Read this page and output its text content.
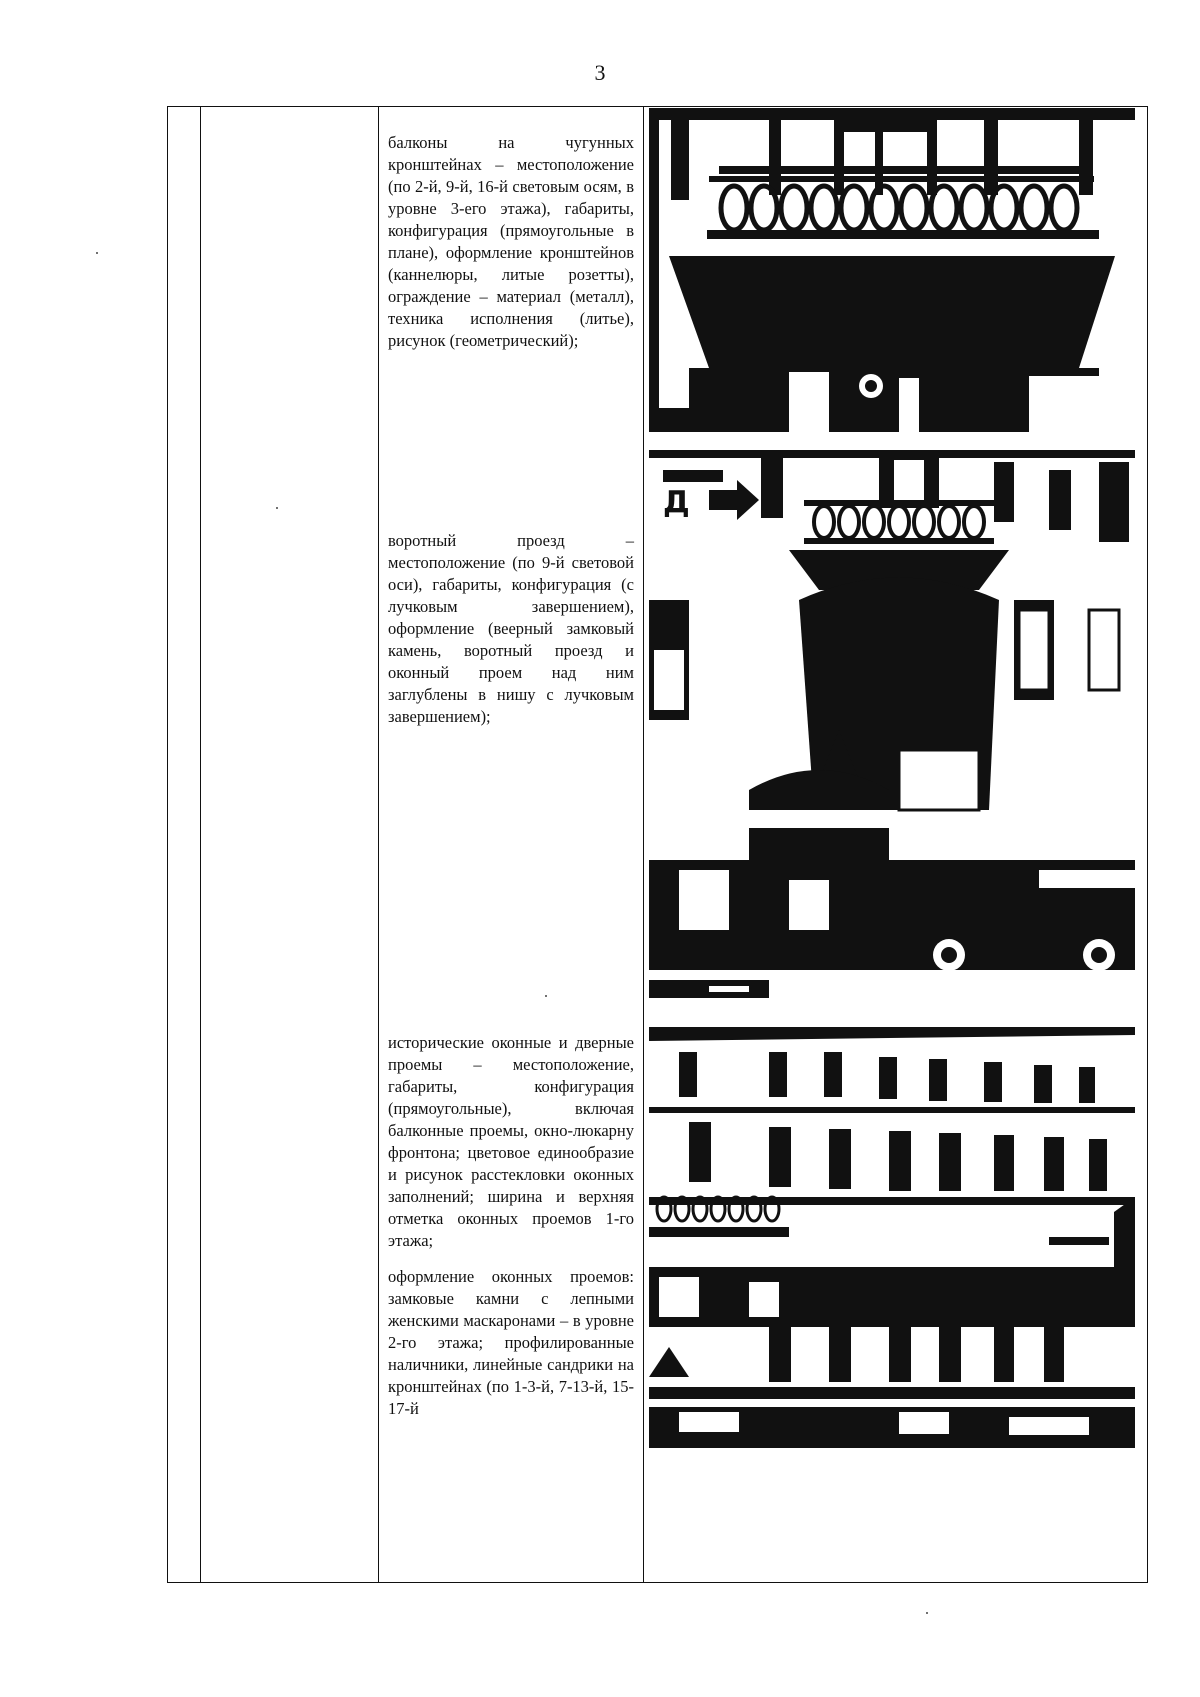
3

балконы на чугунных кронштейнах – местоположение (по 2-й, 9-й, 16-й световым осям, в уровне 3-его этажа), габариты, конфигурация (прямоугольные в плане), оформление кронштейнов (каннелюры, литые розетты), ограждение – материал (металл), техника исполнения (литье), рисунок (геометрический);

воротный проезд – местоположение (по 9-й световой оси), габариты, конфигурация (с лучковым завершением), оформление (веерный замковый камень, воротный проезд и оконный проем над ним заглублены в нишу с лучковым завершением);

Д

исторические оконные и дверные проемы – местоположение, габариты, конфигурация (прямоугольные), включая балконные проемы, окно-люкарну фронтона; цветовое единообразие и рисунок расстекловки оконных заполнений; ширина и верхняя отметка оконных проемов 1-го этажа;

оформление оконных проемов: замковые камни с лепными женскими маскаронами – в уровне 2-го этажа; профилированные наличники, линейные сандрики на кронштейнах (по 1-3-й, 7-13-й, 15-17-й
